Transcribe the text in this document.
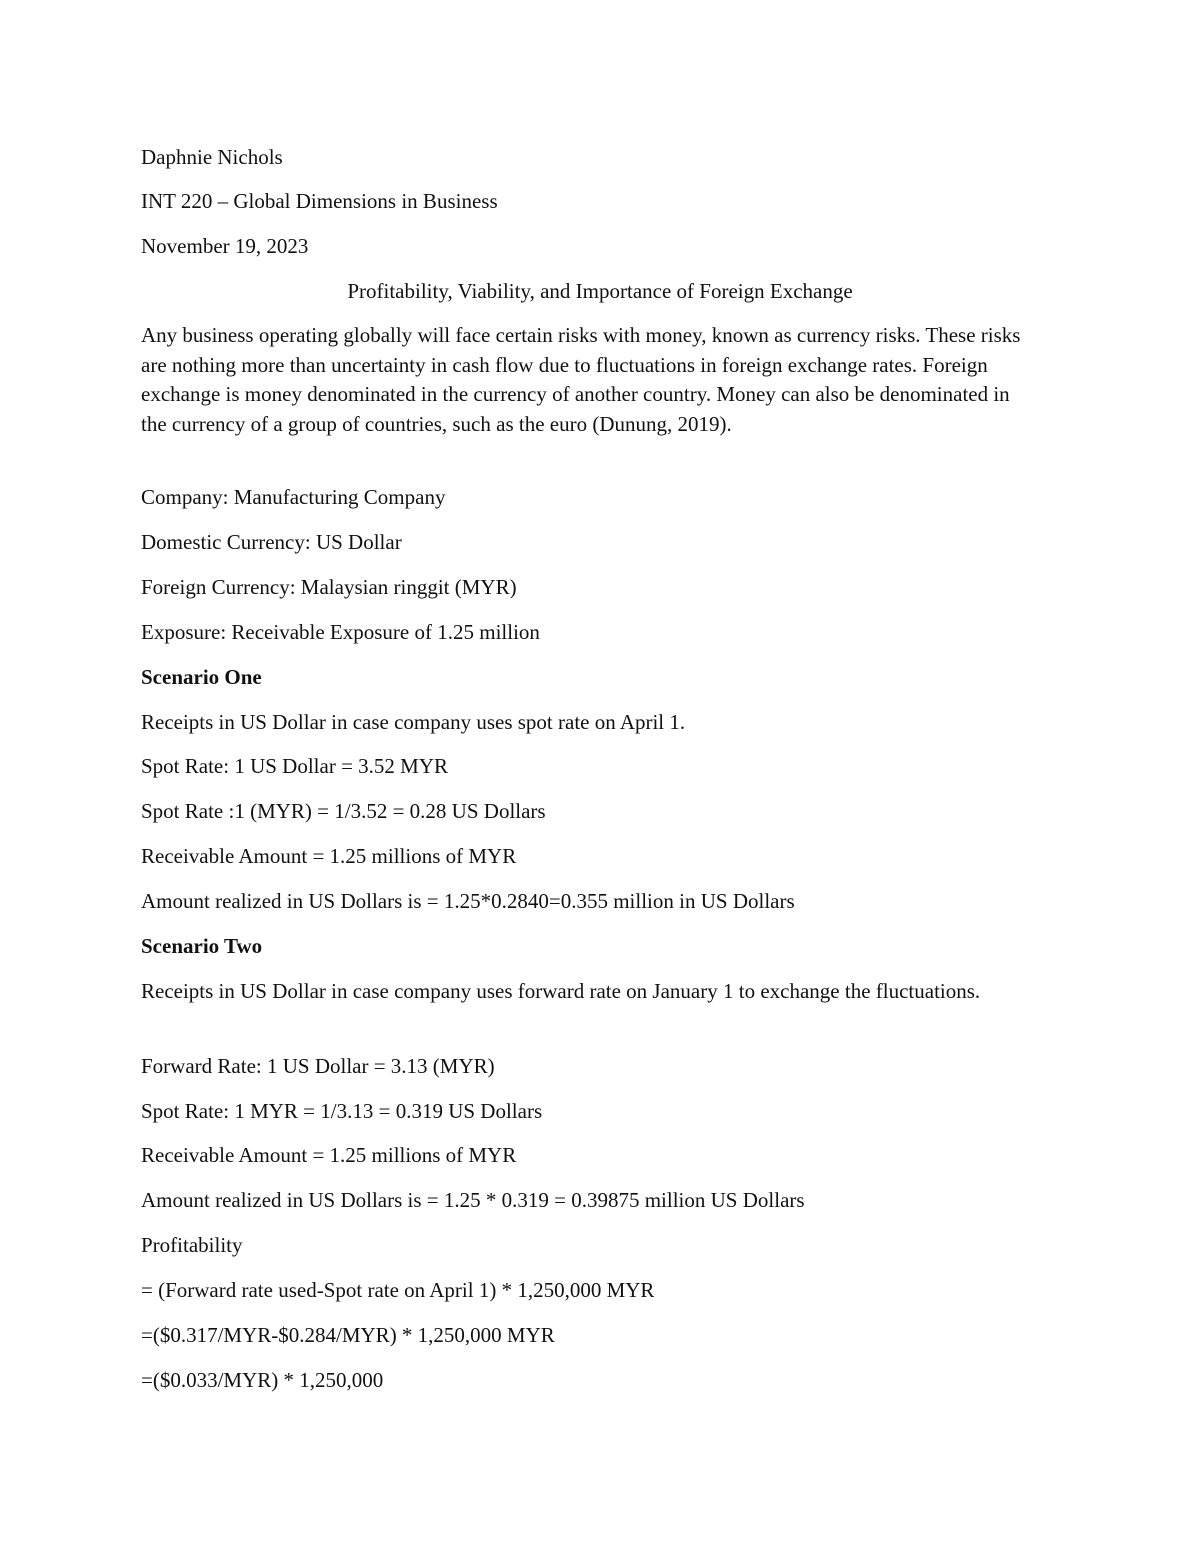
Daphnie Nichols

INT 220 – Global Dimensions in Business

November 19, 2023

Profitability, Viability, and Importance of Foreign Exchange

Any business operating globally will face certain risks with money, known as currency risks. These risks are nothing more than uncertainty in cash flow due to fluctuations in foreign exchange rates. Foreign exchange is money denominated in the currency of another country. Money can also be denominated in the currency of a group of countries, such as the euro (Dunung, 2019).

Company: Manufacturing Company

Domestic Currency: US Dollar

Foreign Currency: Malaysian ringgit (MYR)

Exposure: Receivable Exposure of 1.25 million

Scenario One

Receipts in US Dollar in case company uses spot rate on April 1.

Spot Rate: 1 US Dollar = 3.52 MYR

Spot Rate :1 (MYR) = 1/3.52 = 0.28 US Dollars

Receivable Amount = 1.25 millions of MYR

Amount realized in US Dollars is = 1.25*0.2840=0.355 million in US Dollars

Scenario Two

Receipts in US Dollar in case company uses forward rate on January 1 to exchange the fluctuations.

Forward Rate: 1 US Dollar = 3.13 (MYR)

Spot Rate: 1 MYR = 1/3.13 = 0.319 US Dollars

Receivable Amount = 1.25 millions of MYR

Amount realized in US Dollars is = 1.25 * 0.319 = 0.39875 million US Dollars

Profitability

= (Forward rate used-Spot rate on April 1) * 1,250,000 MYR

=($0.317/MYR-$0.284/MYR) * 1,250,000 MYR

=($0.033/MYR) * 1,250,000
